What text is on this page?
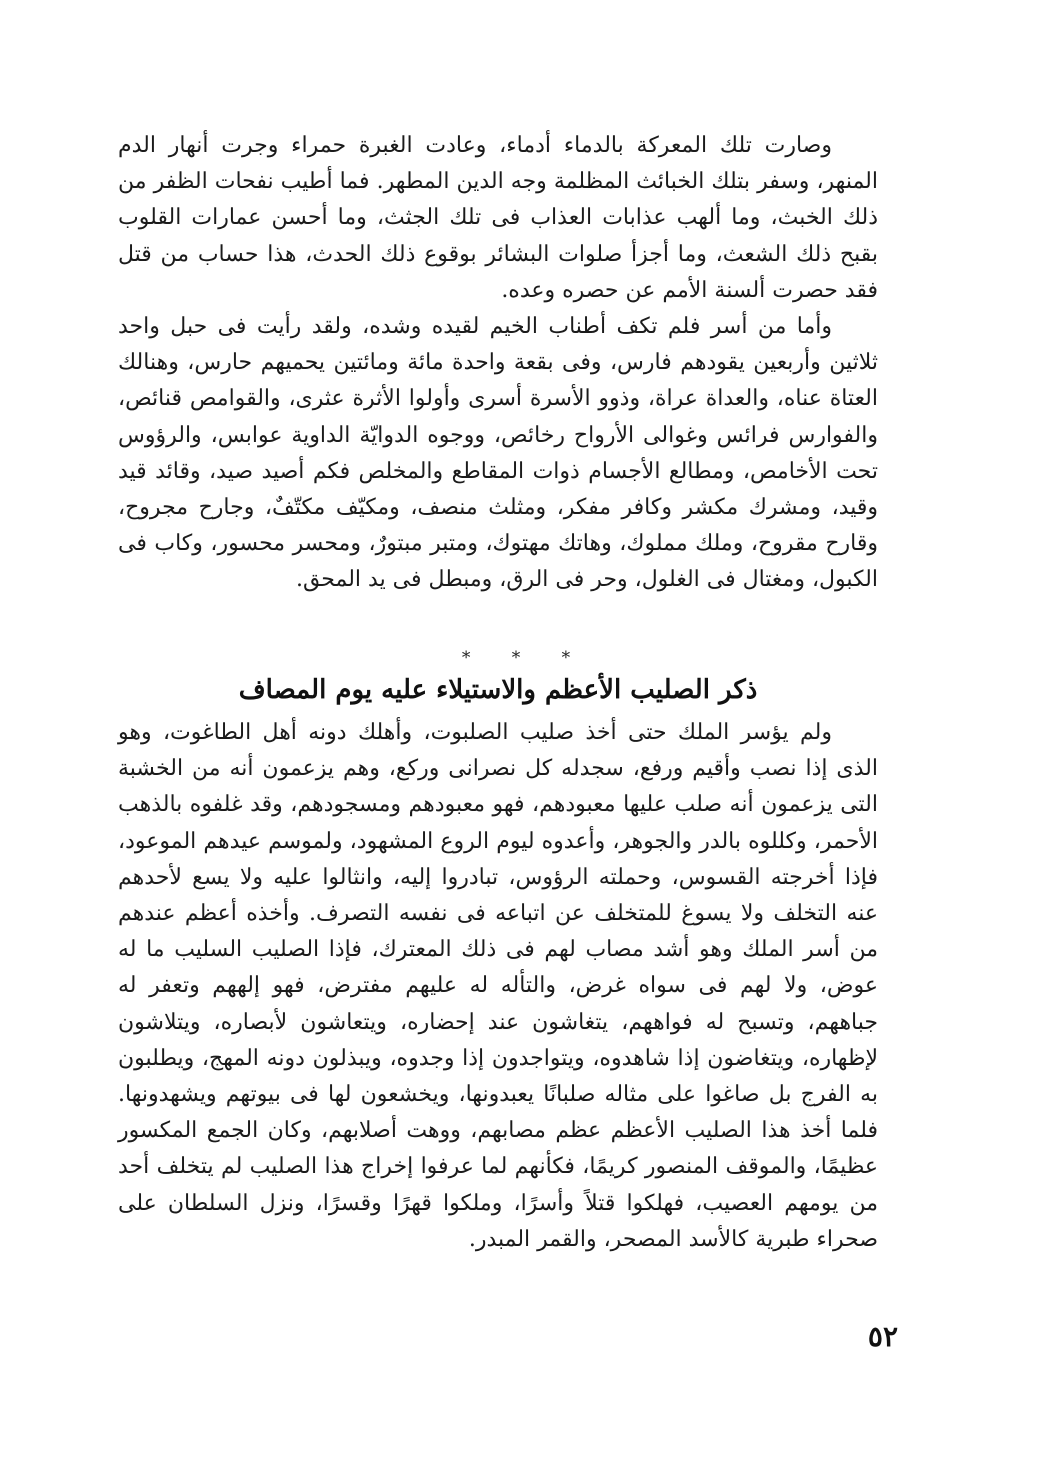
وصارت تلك المعركة بالدماء أدماء، وعادت الغبرة حمراء وجرت أنهار الدم المنهر، وسفر بتلك الخبائث المظلمة وجه الدين المطهر. فما أطيب نفحات الظفر من ذلك الخبث، وما ألهب عذابات العذاب فى تلك الجثث، وما أحسن عمارات القلوب بقبح ذلك الشعث، وما أجزأ صلوات البشائر بوقوع ذلك الحدث، هذا حساب من قتل فقد حصرت ألسنة الأمم عن حصره وعده.

وأما من أسر فلم تكف أطناب الخيم لقيده وشده، ولقد رأيت فى حبل واحد ثلاثين وأربعين يقودهم فارس، وفى بقعة واحدة مائة ومائتين يحميهم حارس، وهنالك العتاة عناه، والعداة عراة، وذوو الأسرة أسرى وأولوا الأثرة عثرى، والقوامص قنائص، والفوارس فرائس وغوالى الأرواح رخائص، ووجوه الدوايّة الداوية عوابس، والرؤوس تحت الأخامص، ومطالع الأجسام ذوات المقاطع والمخلص فكم أصيد صيد، وقائد قيد وقيد، ومشرك مكشر وكافر مفكر، ومثلث منصف، ومكيّف مكتّفٌ، وجارح مجروح، وقارح مقروح، وملك مملوك، وهاتك مهتوك، ومتبر مبتورٌ، ومحسر محسور، وكاب فى الكبول، ومغتال فى الغلول، وحر فى الرق، ومبطل فى يد المحق.

* * *
ذكر الصليب الأعظم والاستيلاء عليه يوم المصاف

ولم يؤسر الملك حتى أخذ صليب الصلبوت، وأهلك دونه أهل الطاغوت، وهو الذى إذا نصب وأقيم ورفع، سجدله كل نصرانى وركع، وهم يزعمون أنه من الخشبة التى يزعمون أنه صلب عليها معبودهم، فهو معبودهم ومسجودهم، وقد غلفوه بالذهب الأحمر، وكللوه بالدر والجوهر، وأعدوه ليوم الروع المشهود، ولموسم عيدهم الموعود، فإذا أخرجته القسوس، وحملته الرؤوس، تبادروا إليه، وانثالوا عليه ولا يسع لأحدهم عنه التخلف ولا يسوغ للمتخلف عن اتباعه فى نفسه التصرف. وأخذه أعظم عندهم من أسر الملك وهو أشد مصاب لهم فى ذلك المعترك، فإذا الصليب السليب ما له عوض، ولا لهم فى سواه غرض، والتأله له عليهم مفترض، فهو إلههم وتعفر له جباههم، وتسبح له فواههم، يتغاشون عند إحضاره، ويتعاشون لأبصاره، ويتلاشون لإظهاره، ويتغاضون إذا شاهدوه، ويتواجدون إذا وجدوه، ويبذلون دونه المهج، ويطلبون به الفرج بل صاغوا على مثاله صلبانًا يعبدونها، ويخشعون لها فى بيوتهم ويشهدونها. فلما أخذ هذا الصليب الأعظم عظم مصابهم، ووهت أصلابهم، وكان الجمع المكسور عظيمًا، والموقف المنصور كريمًا، فكأنهم لما عرفوا إخراج هذا الصليب لم يتخلف أحد من يومهم العصيب، فهلكوا قتلاً وأسرًا، وملكوا قهرًا وقسرًا، ونزل السلطان على صحراء طبرية كالأسد المصحر، والقمر المبدر.

٥٢
